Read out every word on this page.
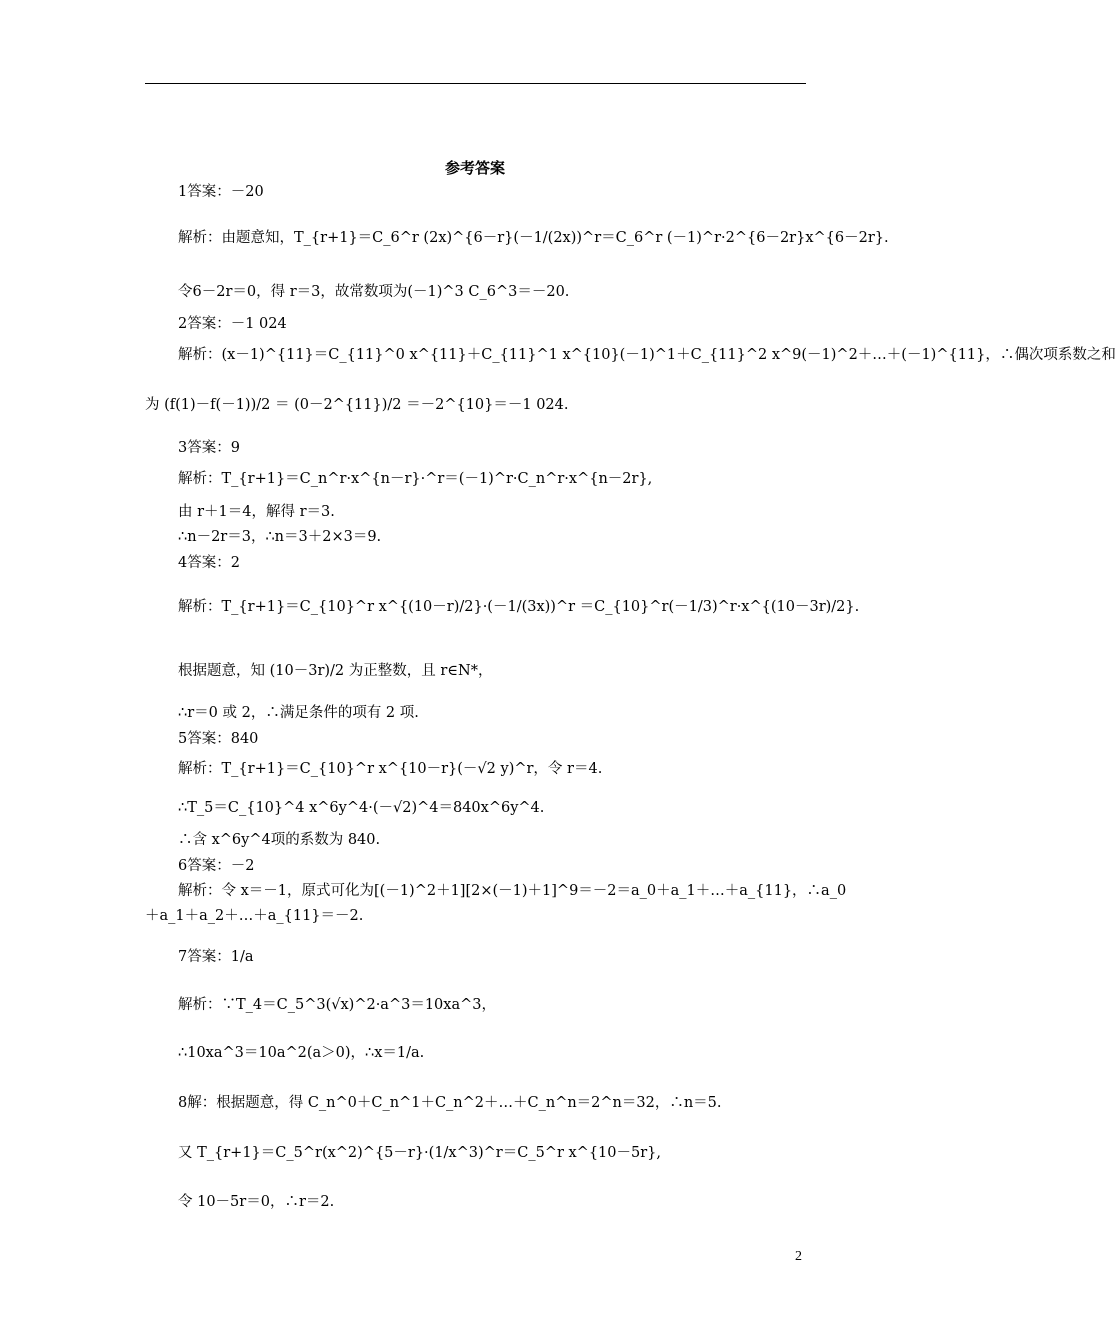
参考答案
1答案：－20
解析：由题意知，T_{r+1}＝C_6^r (2x)^{6－r}(－1/(2x))^r＝C_6^r (－1)^r·2^{6－2r}x^{6－2r}.
令6－2r＝0，得 r＝3，故常数项为(－1)^3 C_6^3＝－20.
2答案：－1 024
解析：(x－1)^{11}＝C_{11}^0 x^{11}＋C_{11}^1 x^{10}(－1)^1＋C_{11}^2 x^9(－1)^2＋…＋(－1)^{11}，∴偶次项系数之和
为 (f(1)－f(－1))/2 ＝ (0－2^{11})/2 ＝－2^{10}＝－1 024.
3答案：9
解析：T_{r+1}＝C_n^r·x^{n－r}·^r＝(－1)^r·C_n^r·x^{n－2r},
由 r＋1＝4，解得 r＝3.
∴n－2r＝3，∴n＝3＋2×3＝9.
4答案：2
解析：T_{r+1}＝C_{10}^r x^{(10－r)/2}·(－1/(3x))^r ＝C_{10}^r(－1/3)^r·x^{(10－3r)/2}.
根据题意，知 (10－3r)/2 为正整数，且 r∈N*，
∴r＝0 或 2，∴满足条件的项有 2 项.
5答案：840
解析：T_{r+1}＝C_{10}^r x^{10－r}(－√2 y)^r，令 r＝4.
∴T_5＝C_{10}^4 x^6y^4·(－√2)^4＝840x^6y^4.
∴含 x^6y^4项的系数为 840.
6答案：－2
解析：令 x＝－1，原式可化为[(－1)^2＋1][2×(－1)＋1]^9＝－2＝a_0＋a_1＋…＋a_{11}，∴a_0
＋a_1＋a_2＋…＋a_{11}＝－2.
7答案：1/a
解析：∵T_4＝C_5^3(√x)^2·a^3＝10xa^3，
∴10xa^3＝10a^2(a＞0)，∴x＝1/a.
8解：根据题意，得 C_n^0＋C_n^1＋C_n^2＋…＋C_n^n＝2^n＝32，∴n＝5.
又 T_{r+1}＝C_5^r(x^2)^{5－r}·(1/x^3)^r＝C_5^r x^{10－5r},
令 10－5r＝0，∴r＝2.
2
